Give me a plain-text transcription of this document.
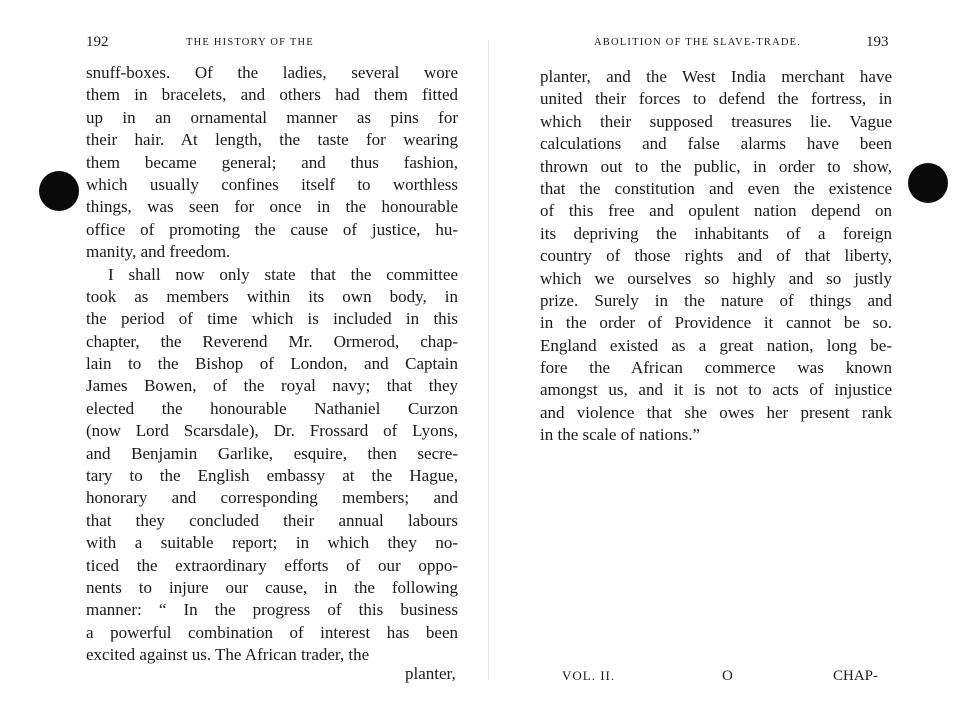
192	THE HISTORY OF THE
snuff-boxes. Of the ladies, several wore
them in bracelets, and others had them fitted
up in an ornamental manner as pins for
their hair. At length, the taste for wearing
them became general; and thus fashion,
which usually confines itself to worthless
things, was seen for once in the honourable
office of promoting the cause of justice, hu-
manity, and freedom.
I shall now only state that the committee
took as members within its own body, in
the period of time which is included in this
chapter, the Reverend Mr. Ormerod, chap-
lain to the Bishop of London, and Captain
James Bowen, of the royal navy; that they
elected the honourable Nathaniel Curzon
(now Lord Scarsdale), Dr. Frossard of Lyons,
and Benjamin Garlike, esquire, then secre-
tary to the English embassy at the Hague,
honorary and corresponding members; and
that they concluded their annual labours
with a suitable report; in which they no-
ticed the extraordinary efforts of our oppo-
nents to injure our cause, in the following
manner: “ In the progress of this business
a powerful combination of interest has been
excited against us. The African trader, the
planter,
ABOLITION OF THE SLAVE-TRADE.	193
planter, and the West India merchant have
united their forces to defend the fortress, in
which their supposed treasures lie. Vague
calculations and false alarms have been
thrown out to the public, in order to show,
that the constitution and even the existence
of this free and opulent nation depend on
its depriving the inhabitants of a foreign
country of those rights and of that liberty,
which we ourselves so highly and so justly
prize. Surely in the nature of things and
in the order of Providence it cannot be so.
England existed as a great nation, long be-
fore the African commerce was known
amongst us, and it is not to acts of injustice
and violence that she owes her present rank
in the scale of nations.”
VOL. II.	O	CHAP-
